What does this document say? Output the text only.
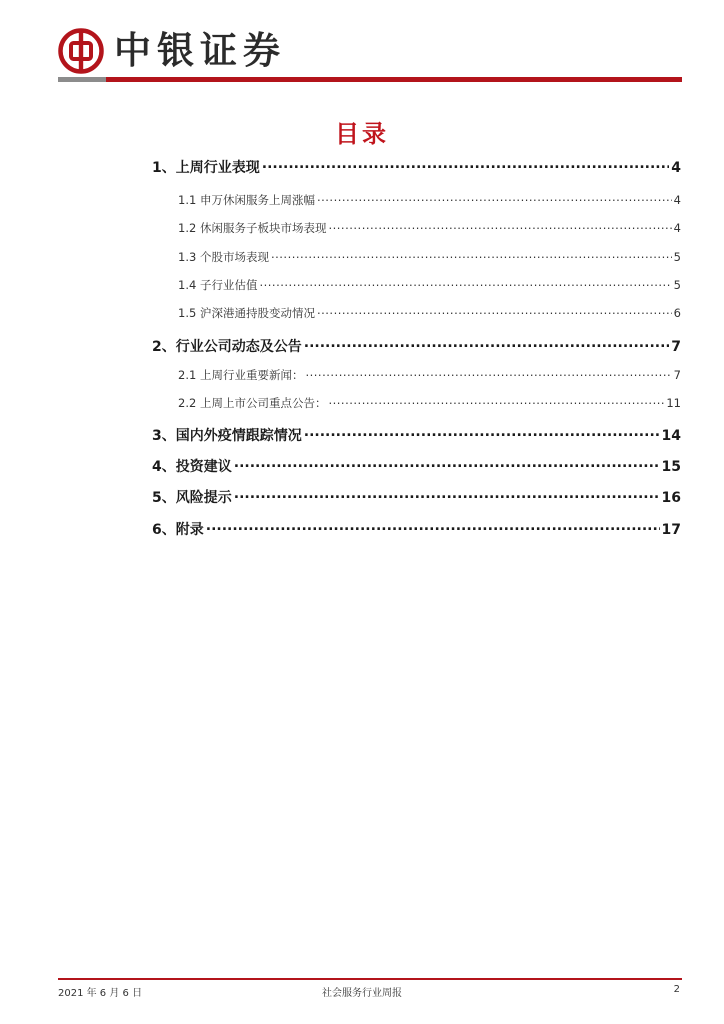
中银证券
目录
1、上周行业表现 .....	4
1.1 申万休闲服务上周涨幅 .....	4
1.2 休闲服务子板块市场表现 .....	4
1.3 个股市场表现 .....	5
1.4 子行业估值 .....	5
1.5 沪深港通持股变动情况 .....	6
2、行业公司动态及公告 .....	7
2.1 上周行业重要新闻： .....	7
2.2 上周上市公司重点公告： .....	11
3、国内外疫情跟踪情况 .....	14
4、投资建议 .....	15
5、风险提示 .....	16
6、附录 .....	17
2021 年 6 月 6 日	社会服务行业周报	2
